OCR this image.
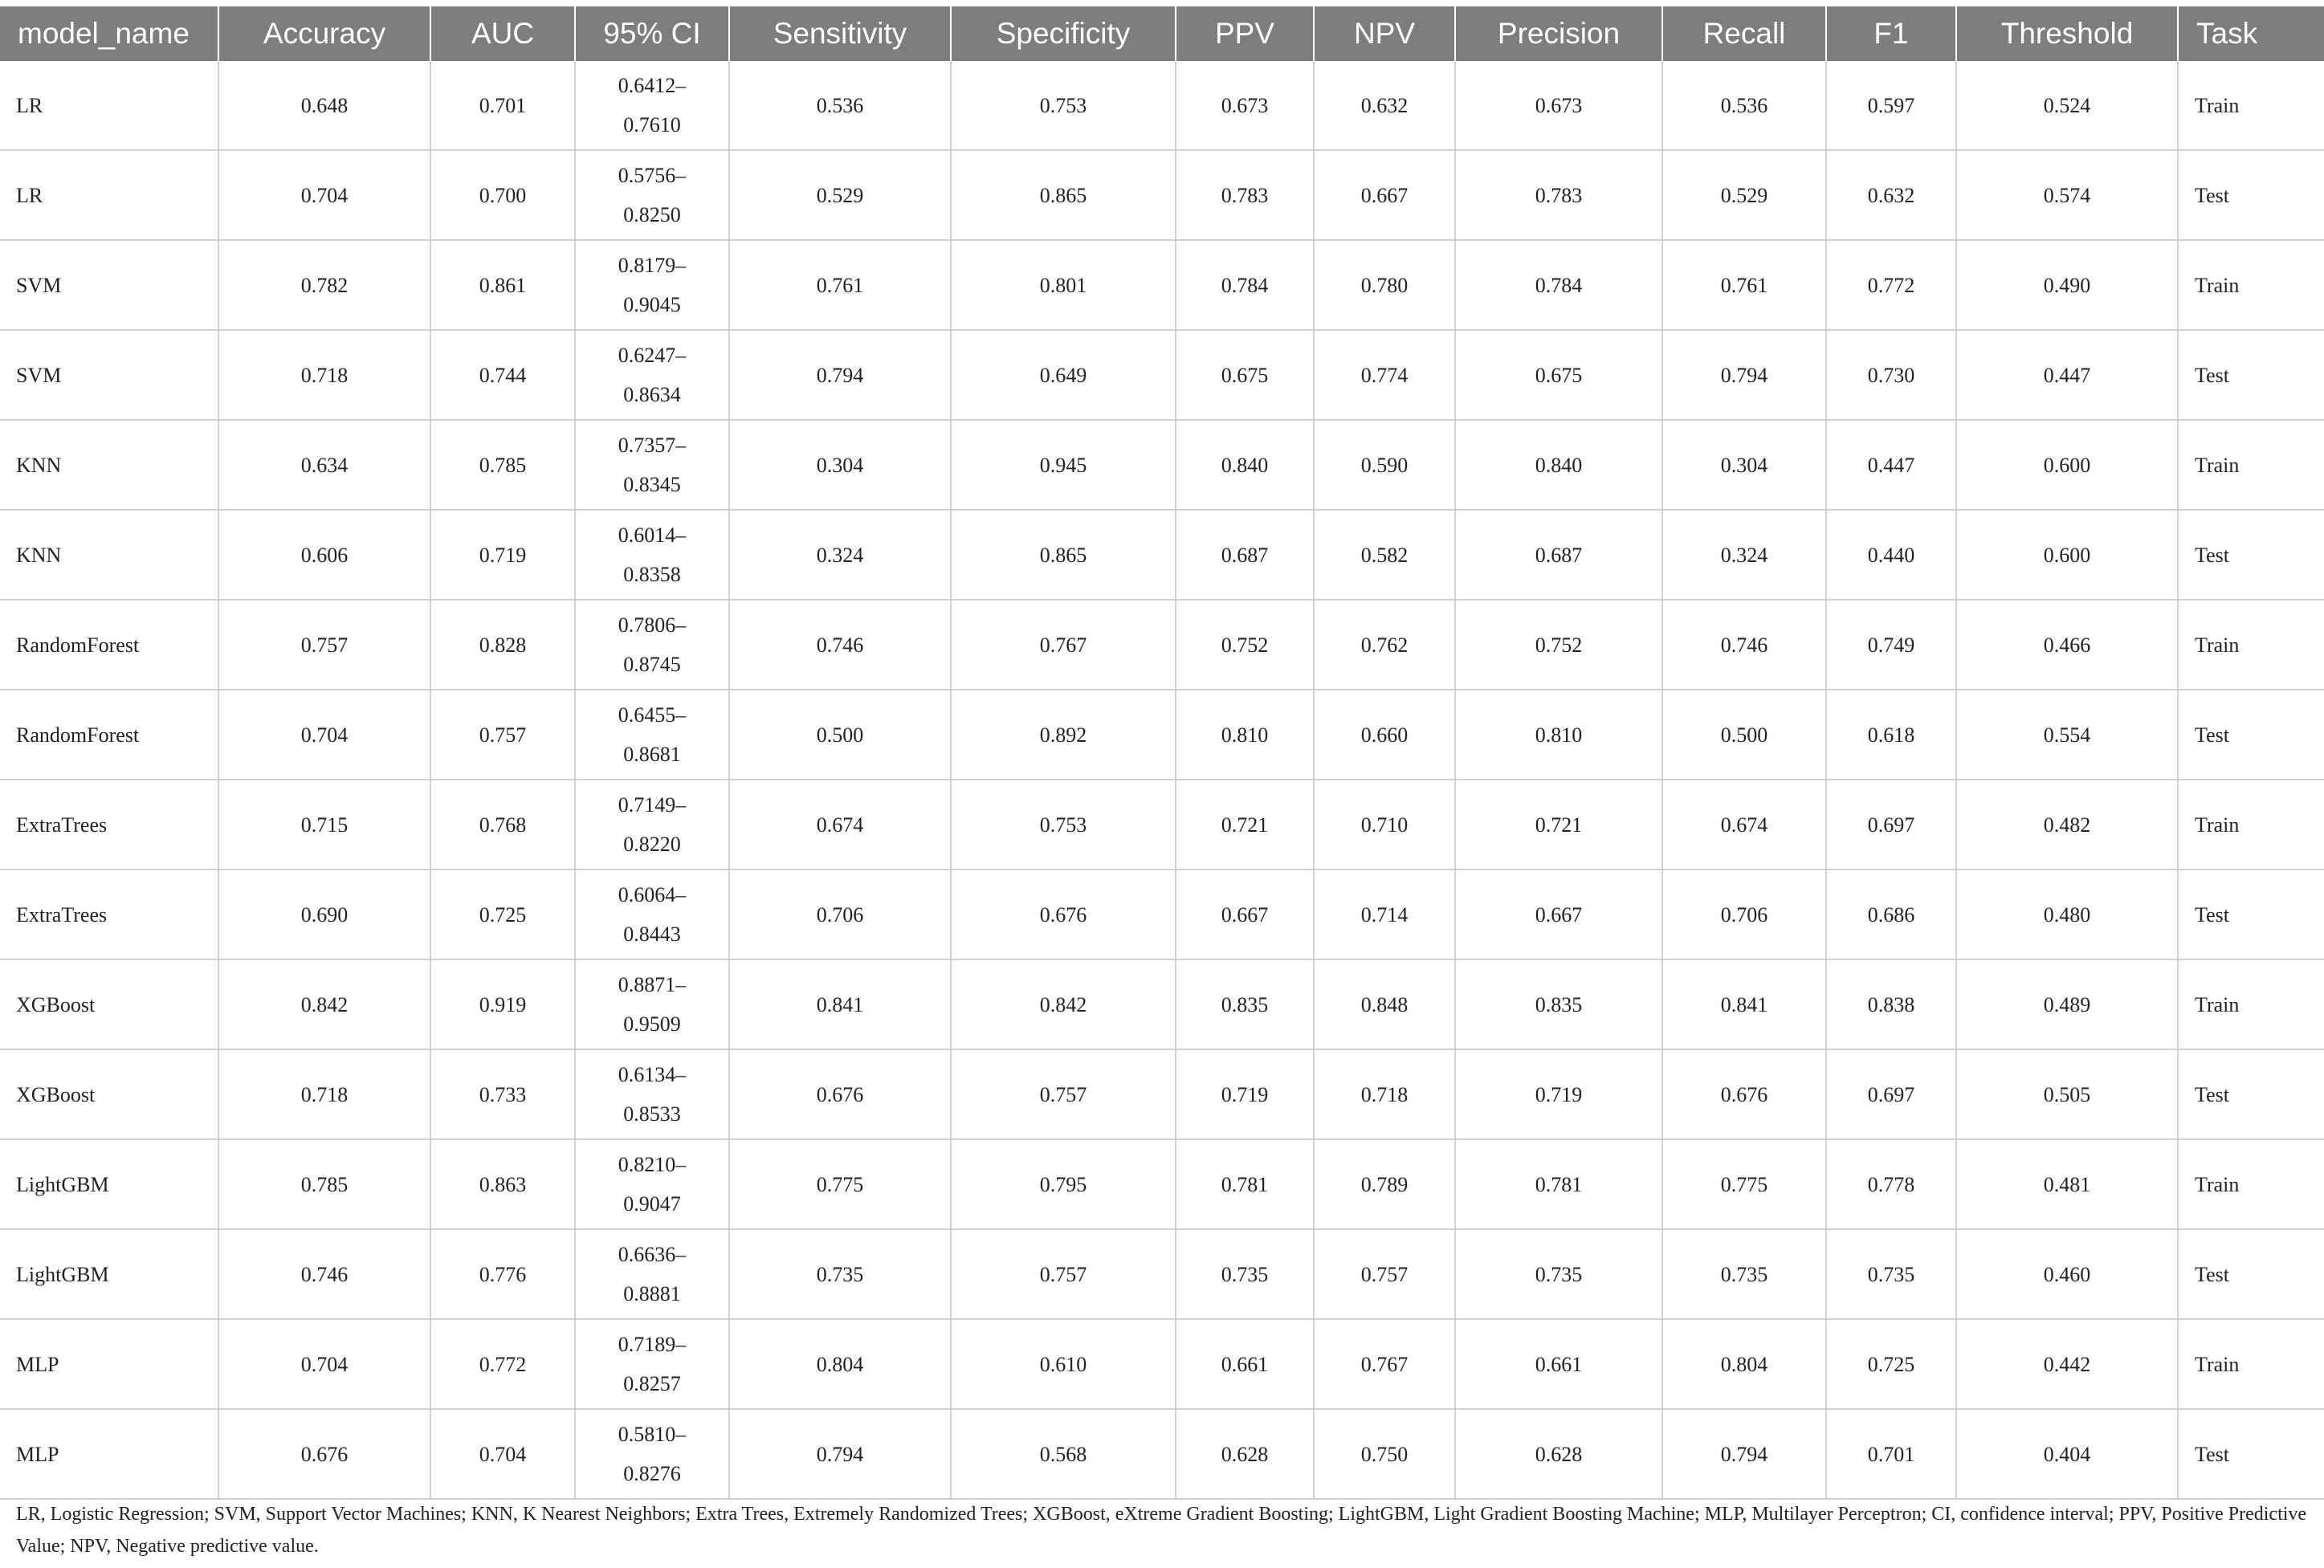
model_name	Accuracy	AUC	95% CI	Sensitivity	Specificity	PPV	NPV	Precision	Recall	F1	Threshold	Task
LR	0.648	0.701	0.6412–
0.7610	0.536	0.753	0.673	0.632	0.673	0.536	0.597	0.524	Train
LR	0.704	0.700	0.5756–
0.8250	0.529	0.865	0.783	0.667	0.783	0.529	0.632	0.574	Test
SVM	0.782	0.861	0.8179–
0.9045	0.761	0.801	0.784	0.780	0.784	0.761	0.772	0.490	Train
SVM	0.718	0.744	0.6247–
0.8634	0.794	0.649	0.675	0.774	0.675	0.794	0.730	0.447	Test
KNN	0.634	0.785	0.7357–
0.8345	0.304	0.945	0.840	0.590	0.840	0.304	0.447	0.600	Train
KNN	0.606	0.719	0.6014–
0.8358	0.324	0.865	0.687	0.582	0.687	0.324	0.440	0.600	Test
RandomForest	0.757	0.828	0.7806–
0.8745	0.746	0.767	0.752	0.762	0.752	0.746	0.749	0.466	Train
RandomForest	0.704	0.757	0.6455–
0.8681	0.500	0.892	0.810	0.660	0.810	0.500	0.618	0.554	Test
ExtraTrees	0.715	0.768	0.7149–
0.8220	0.674	0.753	0.721	0.710	0.721	0.674	0.697	0.482	Train
ExtraTrees	0.690	0.725	0.6064–
0.8443	0.706	0.676	0.667	0.714	0.667	0.706	0.686	0.480	Test
XGBoost	0.842	0.919	0.8871–
0.9509	0.841	0.842	0.835	0.848	0.835	0.841	0.838	0.489	Train
XGBoost	0.718	0.733	0.6134–
0.8533	0.676	0.757	0.719	0.718	0.719	0.676	0.697	0.505	Test
LightGBM	0.785	0.863	0.8210–
0.9047	0.775	0.795	0.781	0.789	0.781	0.775	0.778	0.481	Train
LightGBM	0.746	0.776	0.6636–
0.8881	0.735	0.757	0.735	0.757	0.735	0.735	0.735	0.460	Test
MLP	0.704	0.772	0.7189–
0.8257	0.804	0.610	0.661	0.767	0.661	0.804	0.725	0.442	Train
MLP	0.676	0.704	0.5810–
0.8276	0.794	0.568	0.628	0.750	0.628	0.794	0.701	0.404	Test
LR, Logistic Regression; SVM, Support Vector Machines; KNN, K Nearest Neighbors; Extra Trees, Extremely Randomized Trees; XGBoost, eXtreme Gradient Boosting; LightGBM, Light Gradient Boosting Machine; MLP, Multilayer Perceptron; CI, confidence interval; PPV, Positive Predictive Value; NPV, Negative predictive value.
